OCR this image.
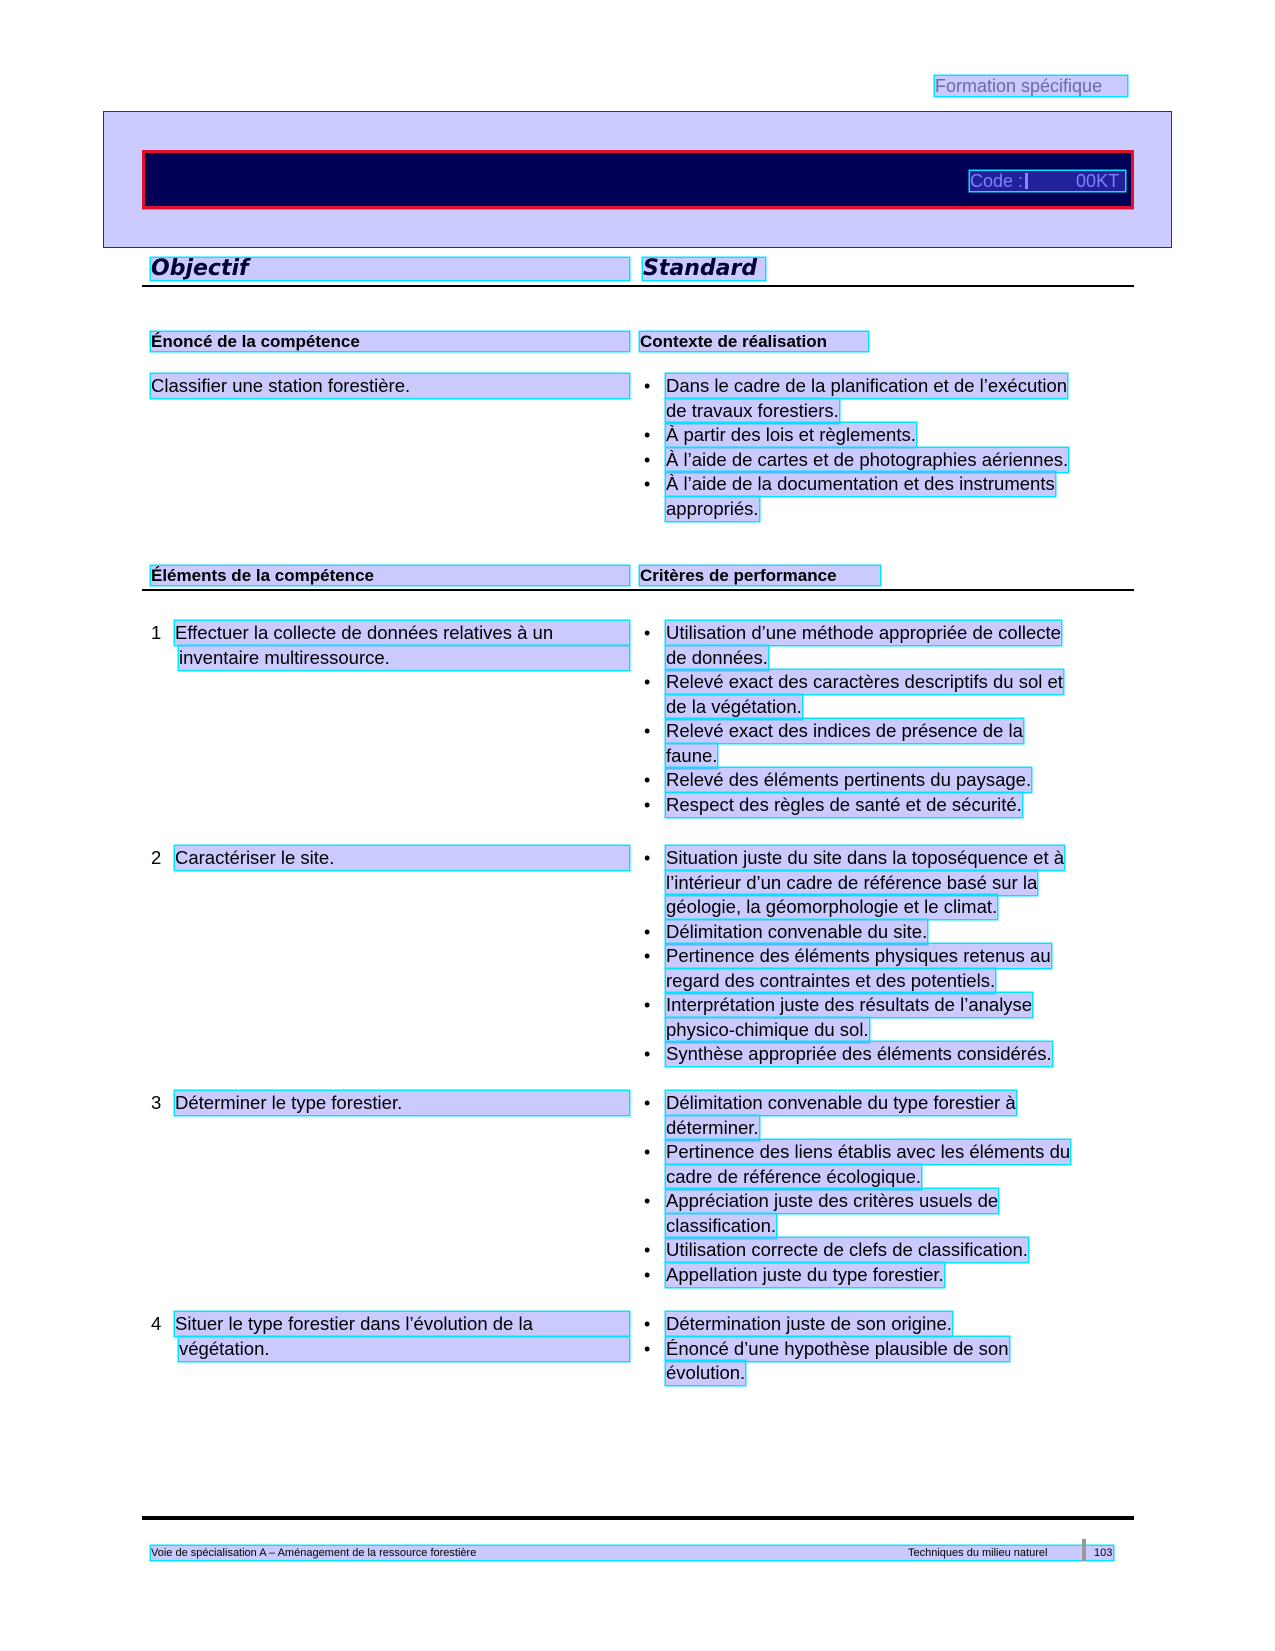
Formation spécifique
Code :	00KT
Objectif	Standard
Énoncé de la compétence	Contexte de réalisation
Classifier une station forestière.	• Dans le cadre de la planification et de l’exécution
de travaux forestiers.
• À partir des lois et règlements.
• À l’aide de cartes et de photographies aériennes.
• À l’aide de la documentation et des instruments
appropriés.
Éléments de la compétence	Critères de performance
1 Effectuer la collecte de données relatives à un
inventaire multiressource.
• Utilisation d’une méthode appropriée de collecte
de données.
• Relevé exact des caractères descriptifs du sol et
de la végétation.
• Relevé exact des indices de présence de la
faune.
• Relevé des éléments pertinents du paysage.
• Respect des règles de santé et de sécurité.
2 Caractériser le site.	• Situation juste du site dans la toposéquence et à
l’intérieur d’un cadre de référence basé sur la
géologie, la géomorphologie et le climat.
• Délimitation convenable du site.
• Pertinence des éléments physiques retenus au
regard des contraintes et des potentiels.
• Interprétation juste des résultats de l’analyse
physico-chimique du sol.
• Synthèse appropriée des éléments considérés.
3 Déterminer le type forestier.	• Délimitation convenable du type forestier à
déterminer.
• Pertinence des liens établis avec les éléments du
cadre de référence écologique.
• Appréciation juste des critères usuels de
classification.
• Utilisation correcte de clefs de classification.
• Appellation juste du type forestier.
4 Situer le type forestier dans l’évolution de la
végétation.
• Détermination juste de son origine.
• Énoncé d’une hypothèse plausible de son
évolution.
Voie de spécialisation A – Aménagement de la ressource forestière	Techniques du milieu naturel	103
